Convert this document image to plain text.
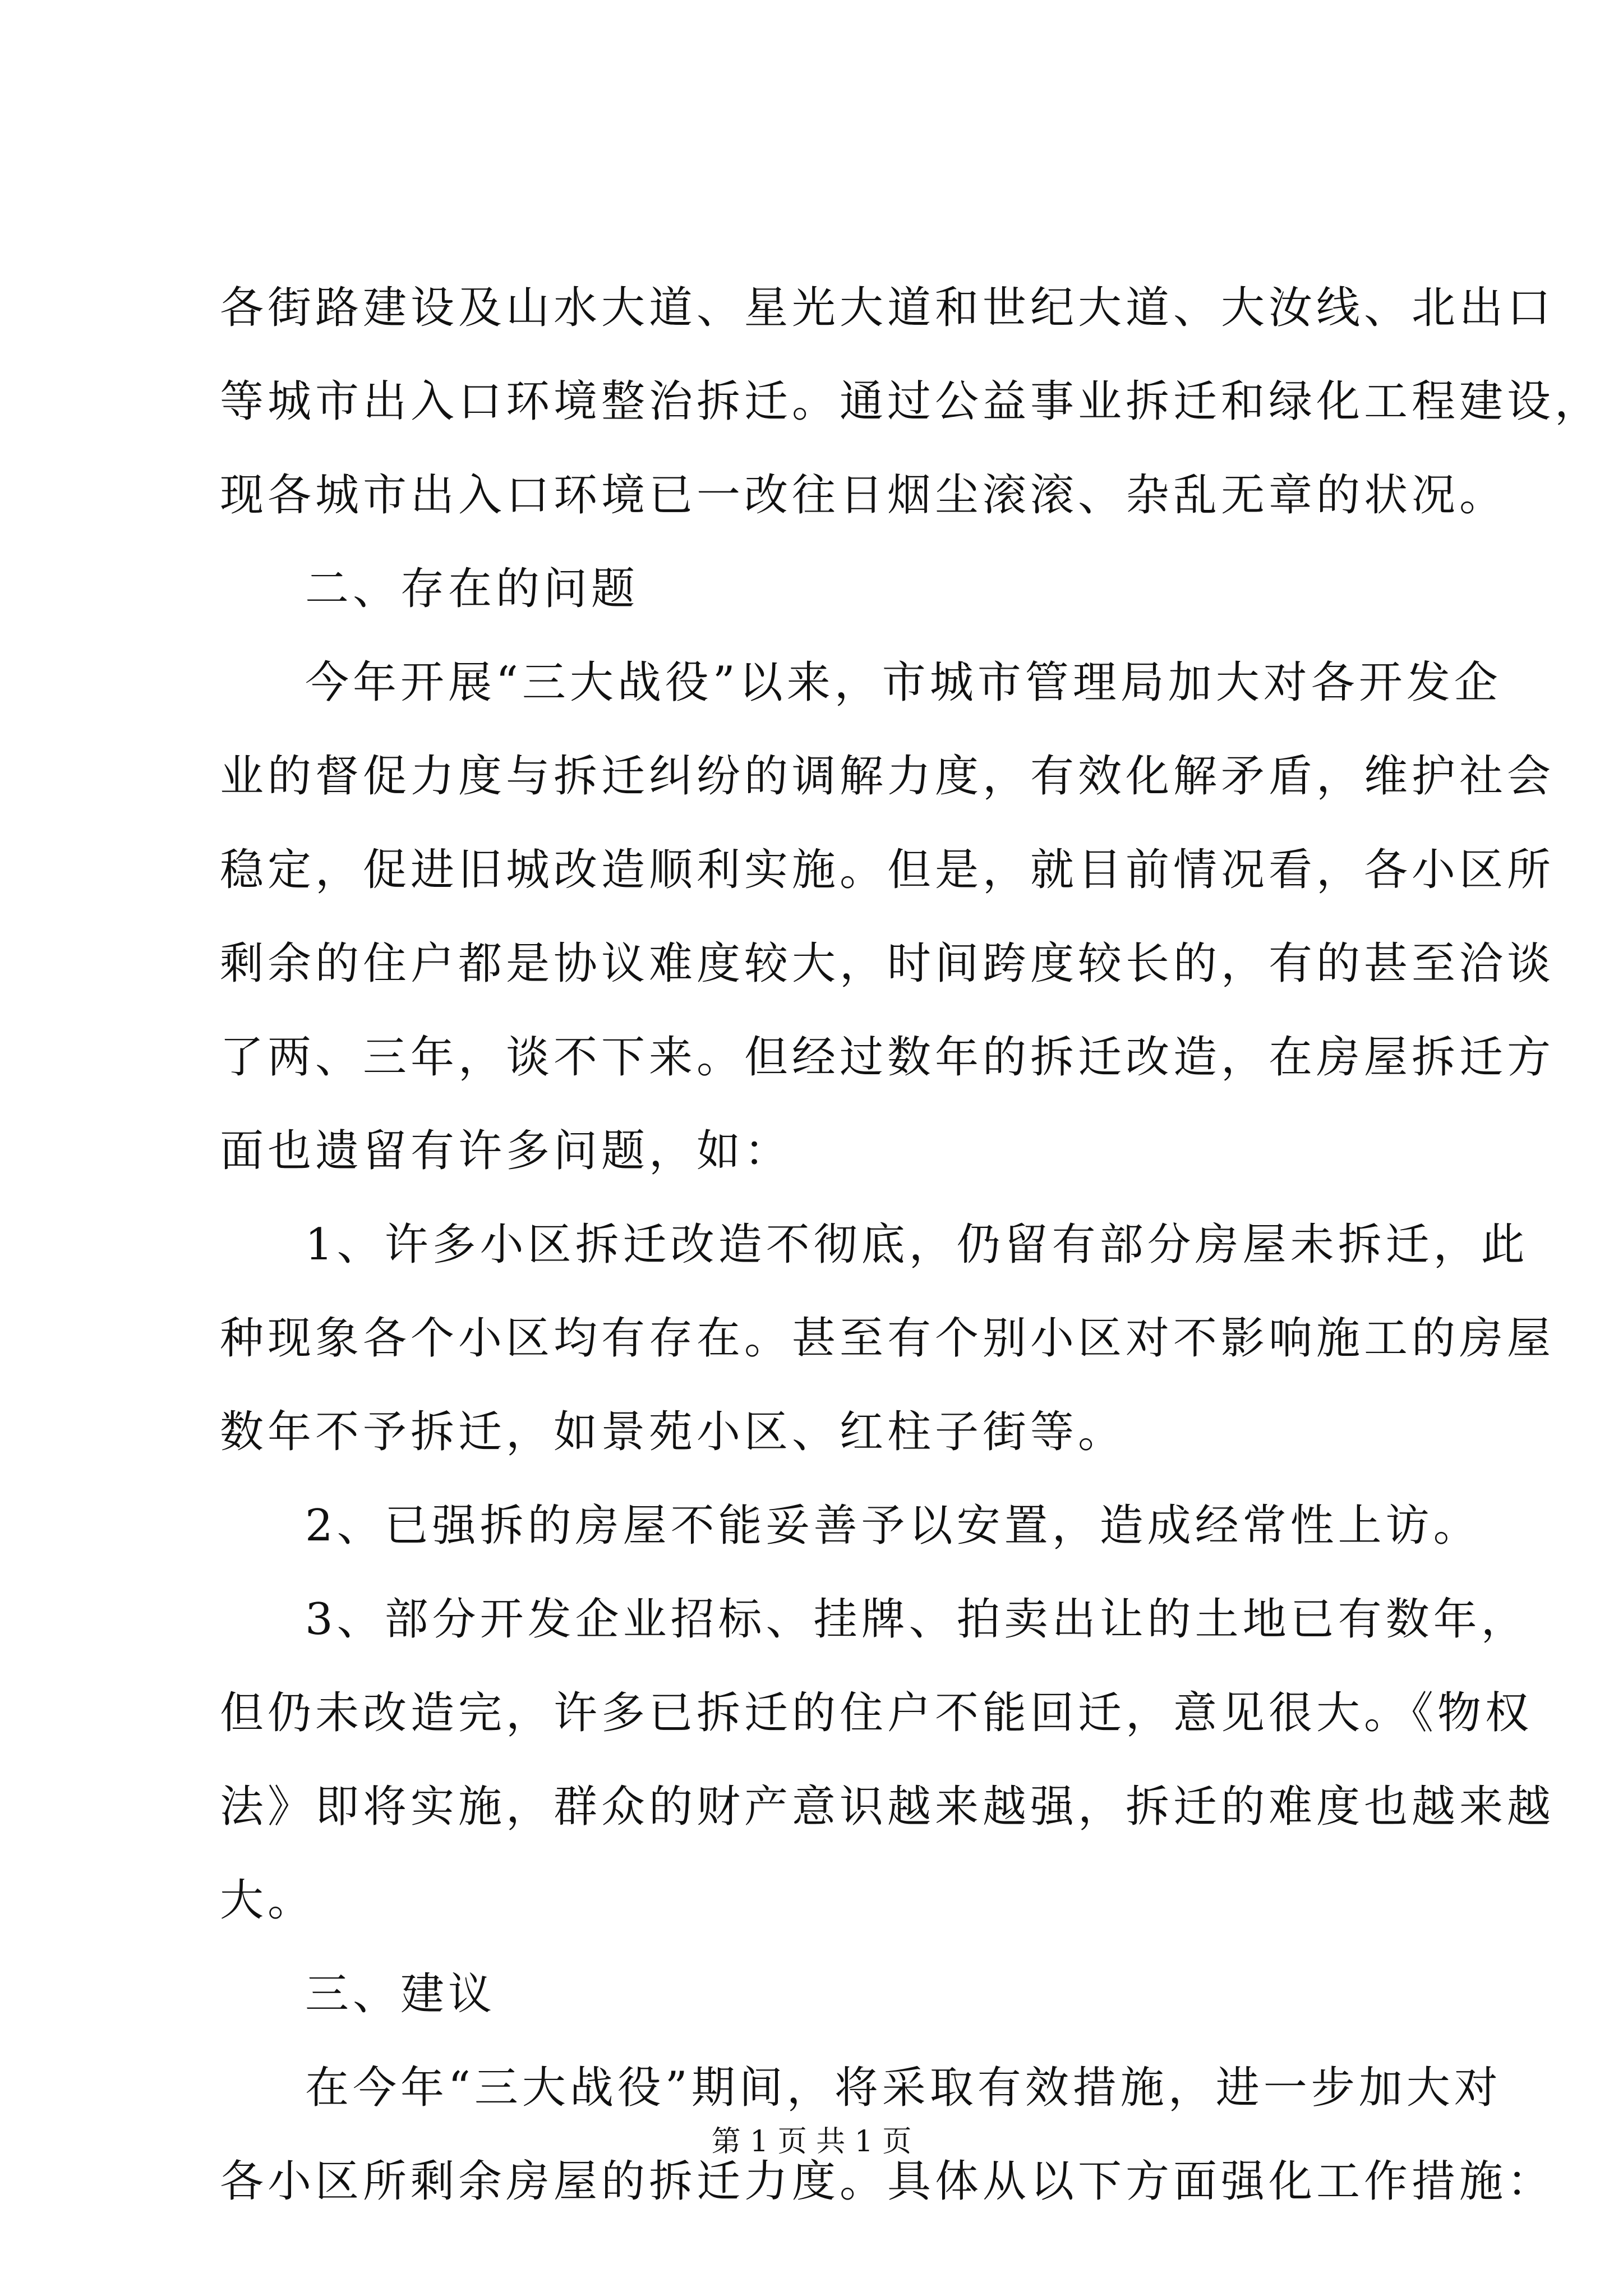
各街路建设及山水大道、星光大道和世纪大道、大汝线、北出口
等城市出入口环境整治拆迁。通过公益事业拆迁和绿化工程建设，
现各城市出入口环境已一改往日烟尘滚滚、杂乱无章的状况。
二、存在的问题
今年开展“三大战役”以来，市城市管理局加大对各开发企
业的督促力度与拆迁纠纷的调解力度，有效化解矛盾，维护社会
稳定，促进旧城改造顺利实施。但是，就目前情况看，各小区所
剩余的住户都是协议难度较大，时间跨度较长的，有的甚至洽谈
了两、三年，谈不下来。但经过数年的拆迁改造，在房屋拆迁方
面也遗留有许多问题，如：
1、许多小区拆迁改造不彻底，仍留有部分房屋未拆迁，此
种现象各个小区均有存在。甚至有个别小区对不影响施工的房屋
数年不予拆迁，如景苑小区、红柱子街等。
2、已强拆的房屋不能妥善予以安置，造成经常性上访。
3、部分开发企业招标、挂牌、拍卖出让的土地已有数年，
但仍未改造完，许多已拆迁的住户不能回迁，意见很大。《物权
法》即将实施，群众的财产意识越来越强，拆迁的难度也越来越
大。
三、建议
在今年“三大战役”期间，将采取有效措施，进一步加大对
各小区所剩余房屋的拆迁力度。具体从以下方面强化工作措施：
第 1 页 共 1 页
